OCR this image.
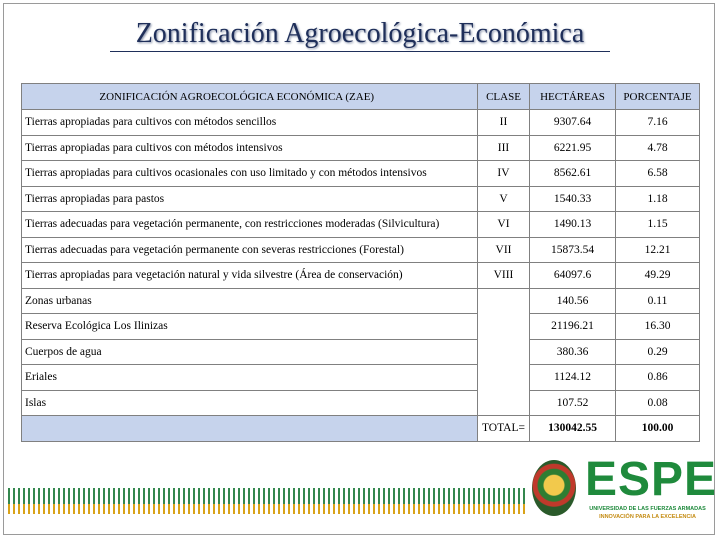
Zonificación Agroecológica-Económica
ZONIFICACIÓN AGROECOLÓGICA ECONÓMICA (ZAE)		CLASE	HECTÁREAS	PORCENTAJE
Tierras apropiadas para cultivos con métodos sencillos		II	9307.64	7.16
Tierras apropiadas para cultivos con métodos intensivos		III	6221.95	4.78
Tierras apropiadas para cultivos ocasionales con uso limitado y con métodos intensivos		IV	8562.61	6.58
Tierras apropiadas para pastos		V	1540.33	1.18
Tierras adecuadas para vegetación permanente, con restricciones moderadas (Silvicultura)		VI	1490.13	1.15
Tierras adecuadas para vegetación permanente con severas restricciones (Forestal)		VII	15873.54	12.21
Tierras apropiadas para vegetación natural y vida silvestre (Área de conservación)		VIII	64097.6	49.29
Zonas urbanas			140.56	0.11
Reserva Ecológica Los Ilinizas			21196.21	16.30
Cuerpos de agua			380.36	0.29
Eriales			1124.12	0.86
Islas			107.52	0.08
		TOTAL=	130042.55	100.00
ESPE
UNIVERSIDAD DE LAS FUERZAS ARMADAS
INNOVACIÓN PARA LA EXCELENCIA
